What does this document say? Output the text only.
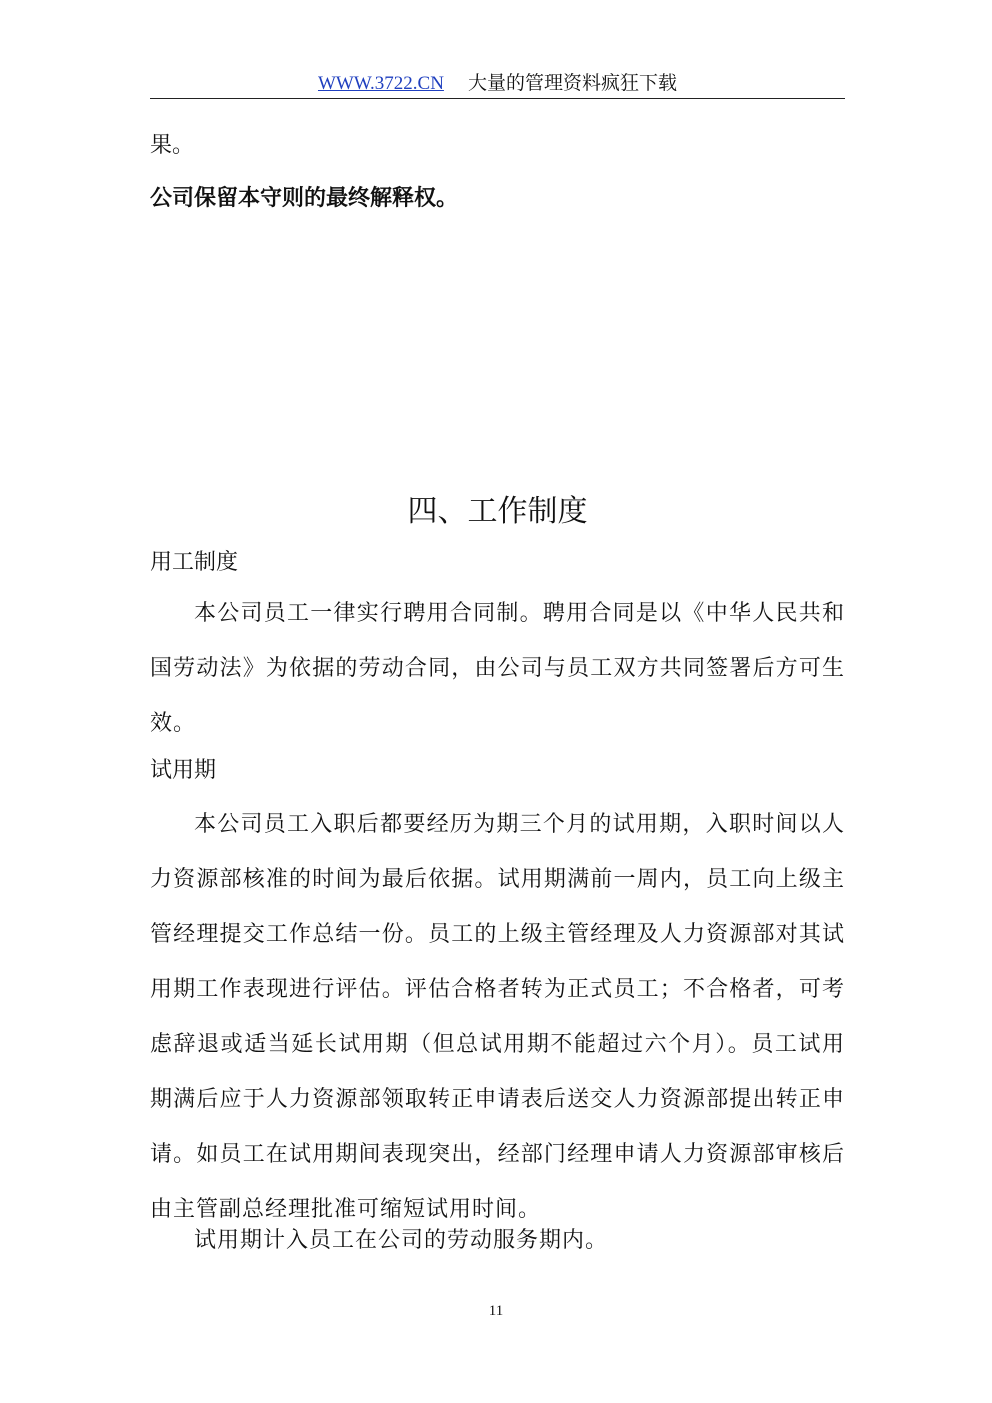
WWW.3722.CN 大量的管理资料疯狂下载
果。
公司保留本守则的最终解释权。
四、工作制度
用工制度
本公司员工一律实行聘用合同制。聘用合同是以《中华人民共和国劳动法》为依据的劳动合同，由公司与员工双方共同签署后方可生效。
试用期
本公司员工入职后都要经历为期三个月的试用期，入职时间以人力资源部核准的时间为最后依据。试用期满前一周内，员工向上级主管经理提交工作总结一份。员工的上级主管经理及人力资源部对其试用期工作表现进行评估。评估合格者转为正式员工；不合格者，可考虑辞退或适当延长试用期（但总试用期不能超过六个月）。员工试用期满后应于人力资源部领取转正申请表后送交人力资源部提出转正申请。如员工在试用期间表现突出，经部门经理申请人力资源部审核后由主管副总经理批准可缩短试用时间。
试用期计入员工在公司的劳动服务期内。
11
